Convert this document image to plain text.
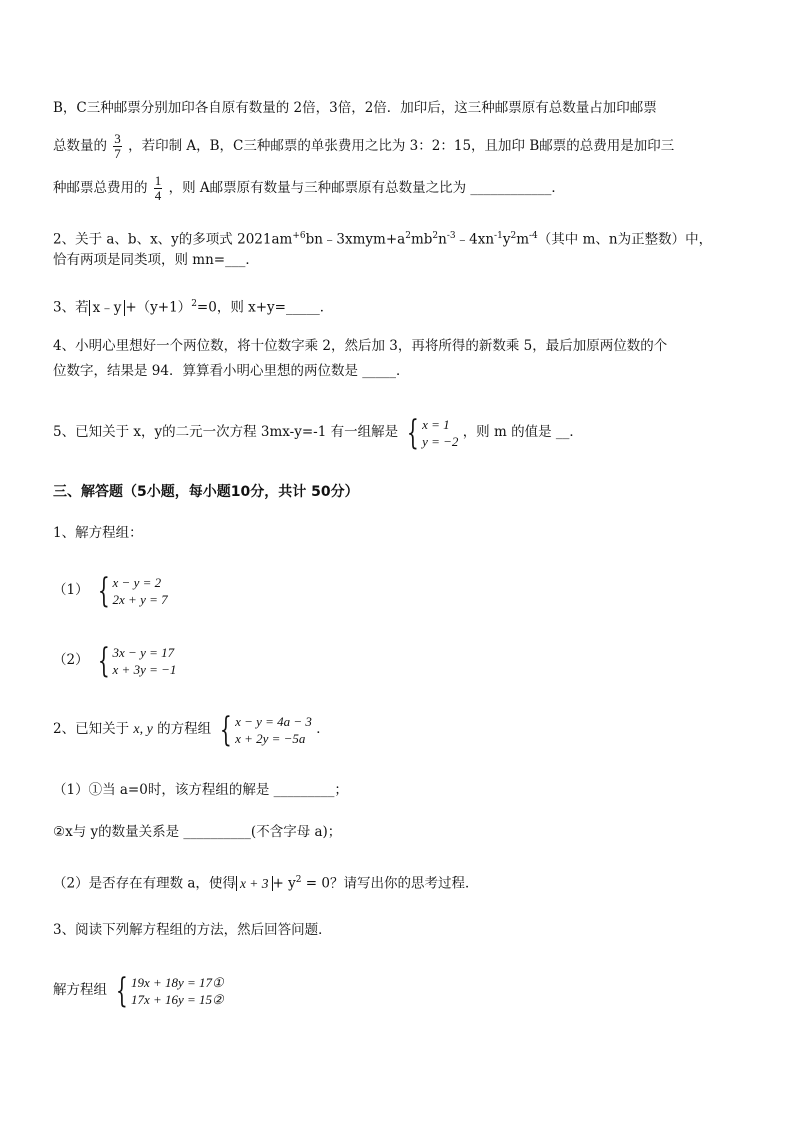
B，C三种邮票分别加印各自原有数量的 2倍，3倍，2倍．加印后，这三种邮票原有总数量占加印邮票
总数量的 $\frac{3}{7}$ ，若印制 A，B，C三种邮票的单张费用之比为 3：2：15，且加印 B邮票的总费用是加印三
种邮票总费用的 $\frac{1}{4}$ ，则 A邮票原有数量与三种邮票原有总数量之比为 ____________．
2、关于 a、b、x、y的多项式 $2021am^{+6}bn﹣3xmym+a^2mb^2n^{-3}﹣4xn^{-1}y^2m^{-4}$（其中 m、n为正整数）中，
恰有两项是同类项，则 mn=___．
3、若 x﹣y $+(y+1)^2=0$，则 x+y=_____．
4、小明心里想好一个两位数，将十位数字乘 2，然后加 3，再将所得的新数乘 5，最后加原两位数的个
位数字，结果是 94．算算看小明心里想的两位数是 _____．
5、已知关于 x，y的二元一次方程 3mx-y=-1 有一组解是 { x = 1
y = −2
，则 m 的值是 __．
三、解答题（5小题，每小题10分，共计 50分）
1、解方程组：
（1） { x − y = 2
2x + y = 7
（2） { 3x − y = 17
x + 3y = −1
2、已知关于 x, y 的方程组 { x − y = 4a − 3
x + 2y = −5a
．
（1）①当 a=0时，该方程组的解是 _________；
②x与 y的数量关系是 __________(不含字母 a)；
（2）是否存在有理数 a，使得 $x + 3 + y^2 = 0$？请写出你的思考过程．
3、阅读下列解方程组的方法，然后回答问题．
解方程组 { 19x + 18y = 17①
17x + 16y = 15②
